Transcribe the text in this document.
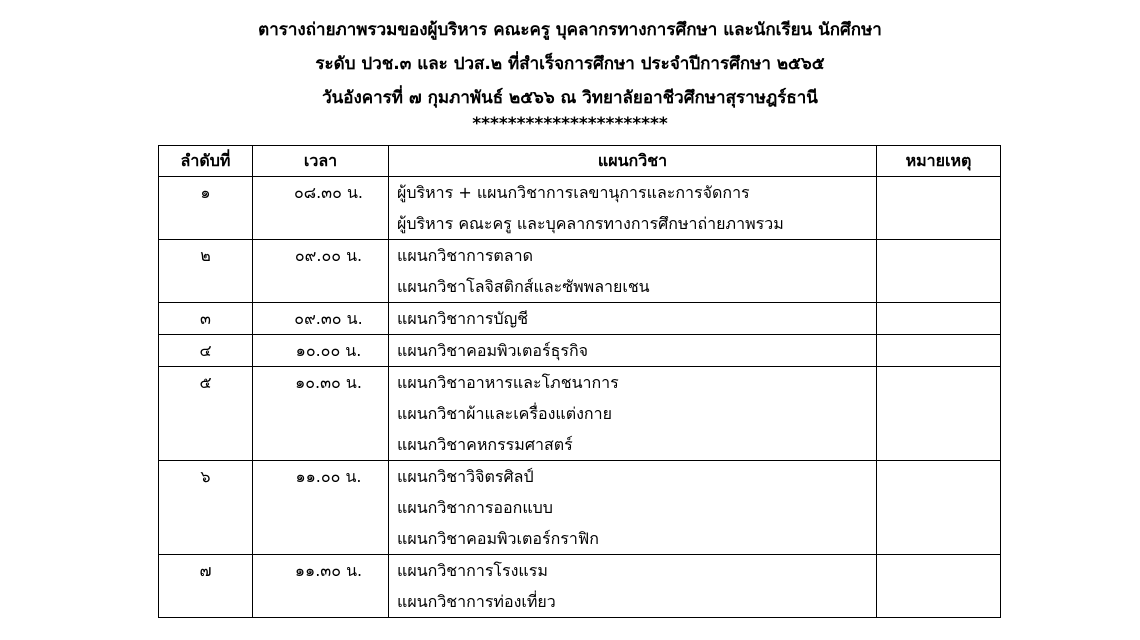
ตารางถ่ายภาพรวมของผู้บริหาร คณะครู บุคลากรทางการศึกษา และนักเรียน นักศึกษา
ระดับ ปวช.๓ และ ปวส.๒ ที่สำเร็จการศึกษา ประจำปีการศึกษา ๒๕๖๕
วันอังคารที่ ๗ กุมภาพันธ์ ๒๕๖๖ ณ วิทยาลัยอาชีวศึกษาสุราษฎร์ธานี
**********************
ลำดับที่	เวลา	แผนกวิชา	หมายเหตุ

๑	๐๘.๓๐ น.	ผู้บริหาร + แผนกวิชาการเลขานุการและการจัดการ
ผู้บริหาร คณะครู และบุคลากรทางการศึกษาถ่ายภาพรวม	

๒	๐๙.๐๐ น.	แผนกวิชาการตลาด
แผนกวิชาโลจิสติกส์และซัพพลายเชน	

๓	๐๙.๓๐ น.	แผนกวิชาการบัญชี	

๔	๑๐.๐๐ น.	แผนกวิชาคอมพิวเตอร์ธุรกิจ	

๕	๑๐.๓๐ น.	แผนกวิชาอาหารและโภชนาการ
แผนกวิชาผ้าและเครื่องแต่งกาย
แผนกวิชาคหกรรมศาสตร์	

๖	๑๑.๐๐ น.	แผนกวิชาวิจิตรศิลป์
แผนกวิชาการออกแบบ
แผนกวิชาคอมพิวเตอร์กราฟิก	

๗	๑๑.๓๐ น.	แผนกวิชาการโรงแรม
แผนกวิชาการท่องเที่ยว	
